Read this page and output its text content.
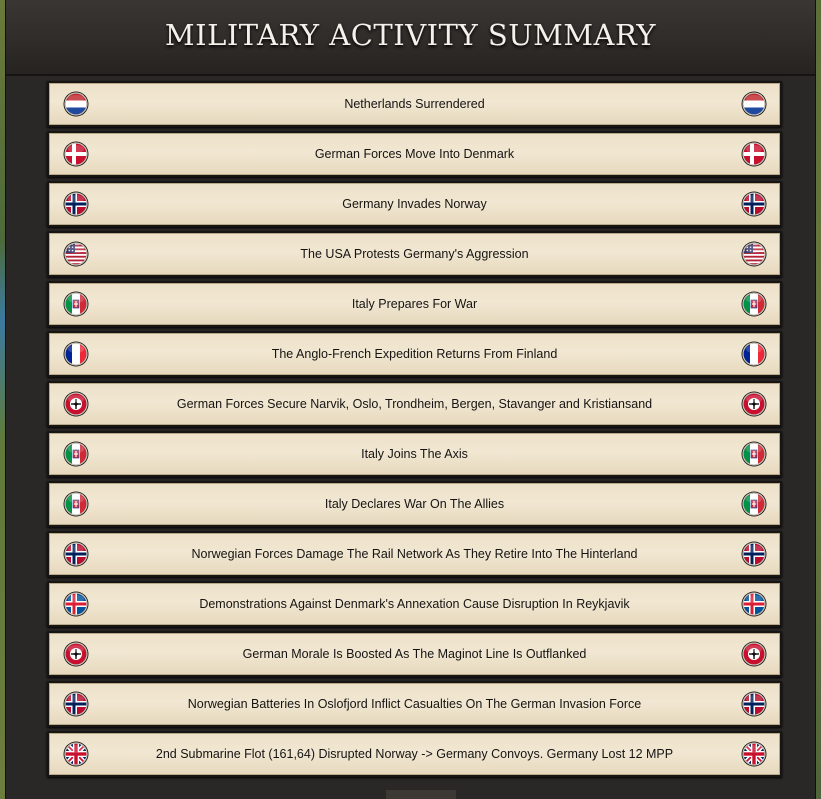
MILITARY ACTIVITY SUMMARY
Netherlands Surrendered
German Forces Move Into Denmark
Germany Invades Norway
The USA Protests Germany's Aggression
Italy Prepares For War
The Anglo-French Expedition Returns From Finland
German Forces Secure Narvik, Oslo, Trondheim, Bergen, Stavanger and Kristiansand
Italy Joins The Axis
Italy Declares War On The Allies
Norwegian Forces Damage The Rail Network As They Retire Into The Hinterland
Demonstrations Against Denmark's Annexation Cause Disruption In Reykjavik
German Morale Is Boosted As The Maginot Line Is Outflanked
Norwegian Batteries In Oslofjord Inflict Casualties On The German Invasion Force
2nd Submarine Flot (161,64) Disrupted Norway -> Germany Convoys. Germany Lost 12 MPP
